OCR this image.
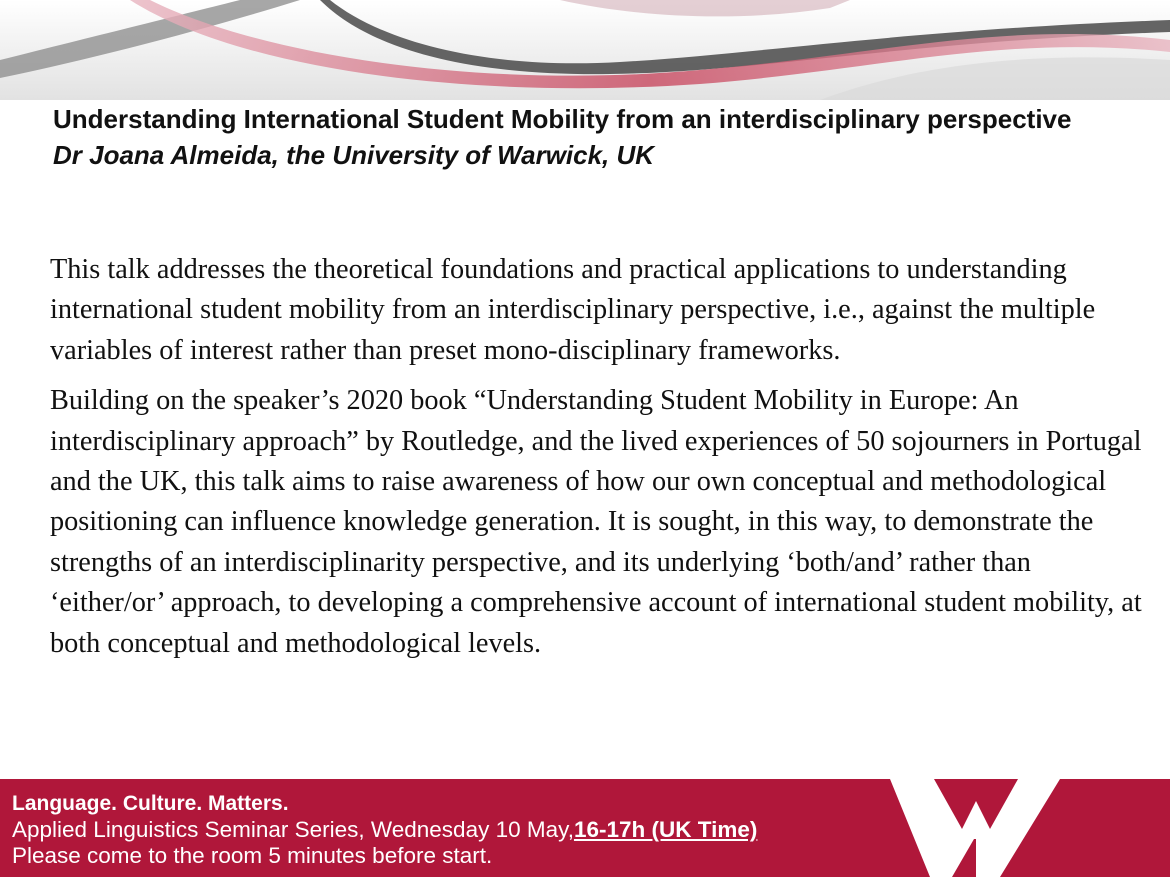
Understanding International Student Mobility from an interdisciplinary perspective
Dr Joana Almeida, the University of Warwick, UK

This talk addresses the theoretical foundations and practical applications to understanding international student mobility from an interdisciplinary perspective, i.e., against the multiple variables of interest rather than preset mono-disciplinary frameworks.

Building on the speaker’s 2020 book “Understanding Student Mobility in Europe: An interdisciplinary approach” by Routledge, and the lived experiences of 50 sojourners in Portugal and the UK, this talk aims to raise awareness of how our own conceptual and methodological positioning can influence knowledge generation. It is sought, in this way, to demonstrate the strengths of an interdisciplinarity perspective, and its underlying ‘both/and’ rather than ‘either/or’ approach, to developing a comprehensive account of international student mobility, at both conceptual and methodological levels.

Language. Culture. Matters.
Applied Linguistics Seminar Series, Wednesday 10 May,16-17h (UK Time)
Please come to the room 5 minutes before start.
